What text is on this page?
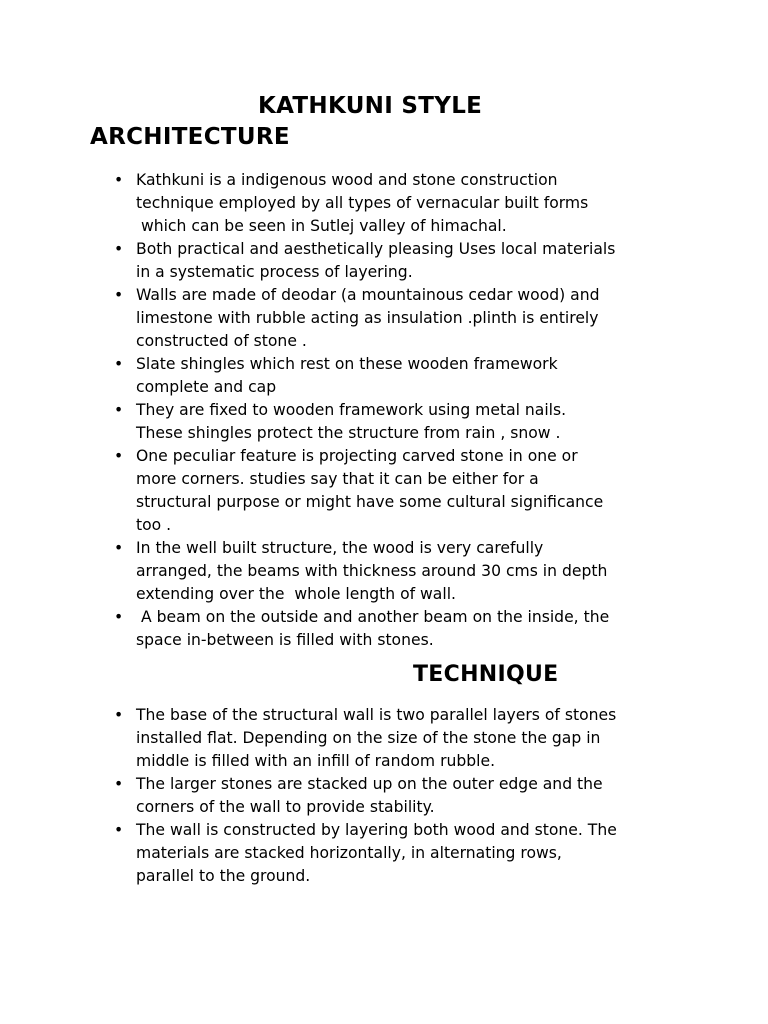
KATHKUNI STYLE
ARCHITECTURE
• Kathkuni is a indigenous wood and stone construction
technique employed by all types of vernacular built forms
which can be seen in Sutlej valley of himachal.
• Both practical and aesthetically pleasing Uses local materials
in a systematic process of layering.
• Walls are made of deodar (a mountainous cedar wood) and
limestone with rubble acting as insulation .plinth is entirely
constructed of stone .
• Slate shingles which rest on these wooden framework
complete and cap
• They are fixed to wooden framework using metal nails.
These shingles protect the structure from rain , snow .
• One peculiar feature is projecting carved stone in one or
more corners. studies say that it can be either for a
structural purpose or might have some cultural significance
too .
• In the well built structure, the wood is very carefully
arranged, the beams with thickness around 30 cms in depth
extending over the  whole length of wall.
• A beam on the outside and another beam on the inside, the
space in-between is filled with stones.
TECHNIQUE
• The base of the structural wall is two parallel layers of stones
installed flat. Depending on the size of the stone the gap in
middle is filled with an infill of random rubble.
• The larger stones are stacked up on the outer edge and the
corners of the wall to provide stability.
• The wall is constructed by layering both wood and stone. The
materials are stacked horizontally, in alternating rows,
parallel to the ground.
